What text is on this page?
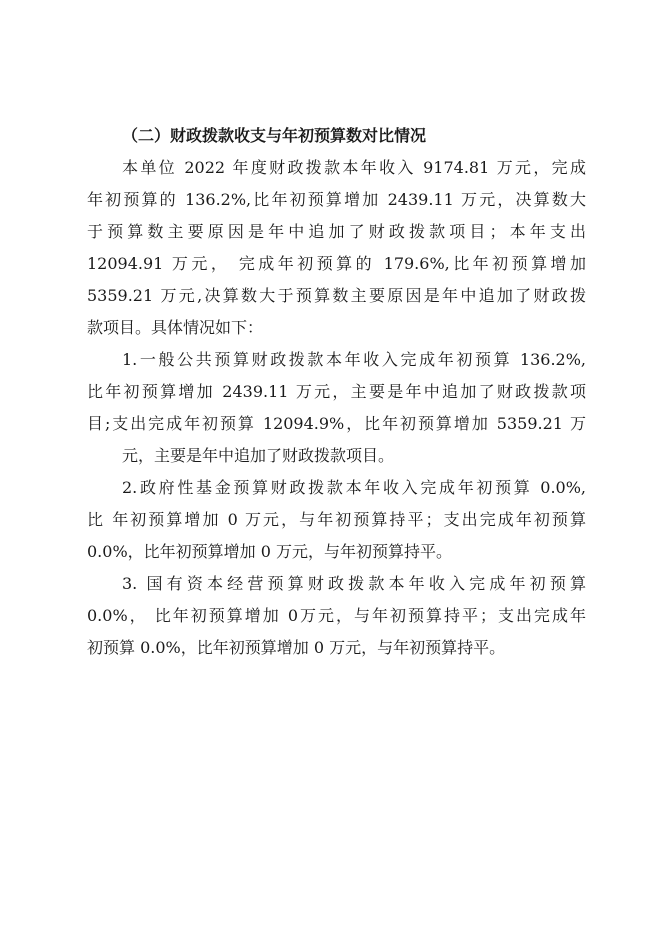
（二）财政拨款收支与年初预算数对比情况
本单位 2022 年度财政拨款本年收入 9174.81 万元，完成
年初预算的 136.2%,比年初预算增加 2439.11 万元，决算数大
于预算数主要原因是年中追加了财政拨款项目；本年支出
12094.91 万元， 完成年初预算的 179.6%,比年初预算增加
5359.21 万元,决算数大于预算数主要原因是年中追加了财政拨
款项目。具体情况如下：
1.一般公共预算财政拨款本年收入完成年初预算 136.2%,
比年初预算增加 2439.11 万元，主要是年中追加了财政拨款项
目;支出完成年初预算 12094.9%，比年初预算增加 5359.21 万
元，主要是年中追加了财政拨款项目。
2.政府性基金预算财政拨款本年收入完成年初预算 0.0%,
比 年初预算增加 0 万元，与年初预算持平；支出完成年初预算
0.0%，比年初预算增加 0 万元，与年初预算持平。
3. 国有资本经营预算财政拨款本年收入完成年初预算
0.0%， 比年初预算增加 0万元，与年初预算持平；支出完成年
初预算 0.0%，比年初预算增加 0 万元，与年初预算持平。
